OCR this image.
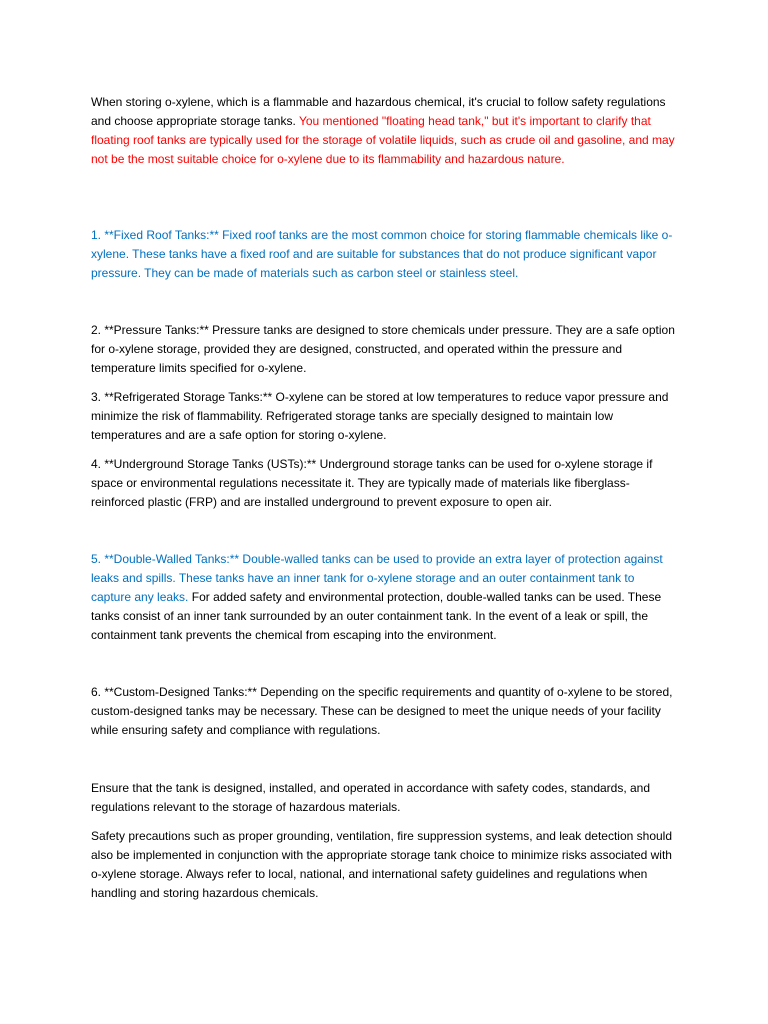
When storing o-xylene, which is a flammable and hazardous chemical, it's crucial to follow safety regulations and choose appropriate storage tanks. You mentioned "floating head tank," but it's important to clarify that floating roof tanks are typically used for the storage of volatile liquids, such as crude oil and gasoline, and may not be the most suitable choice for o-xylene due to its flammability and hazardous nature.

1. **Fixed Roof Tanks:** Fixed roof tanks are the most common choice for storing flammable chemicals like o-xylene. These tanks have a fixed roof and are suitable for substances that do not produce significant vapor pressure. They can be made of materials such as carbon steel or stainless steel.

2. **Pressure Tanks:** Pressure tanks are designed to store chemicals under pressure. They are a safe option for o-xylene storage, provided they are designed, constructed, and operated within the pressure and temperature limits specified for o-xylene.

3. **Refrigerated Storage Tanks:** O-xylene can be stored at low temperatures to reduce vapor pressure and minimize the risk of flammability. Refrigerated storage tanks are specially designed to maintain low temperatures and are a safe option for storing o-xylene.

4. **Underground Storage Tanks (USTs):** Underground storage tanks can be used for o-xylene storage if space or environmental regulations necessitate it. They are typically made of materials like fiberglass-reinforced plastic (FRP) and are installed underground to prevent exposure to open air.

5. **Double-Walled Tanks:** Double-walled tanks can be used to provide an extra layer of protection against leaks and spills. These tanks have an inner tank for o-xylene storage and an outer containment tank to capture any leaks. For added safety and environmental protection, double-walled tanks can be used. These tanks consist of an inner tank surrounded by an outer containment tank. In the event of a leak or spill, the containment tank prevents the chemical from escaping into the environment.

6. **Custom-Designed Tanks:** Depending on the specific requirements and quantity of o-xylene to be stored, custom-designed tanks may be necessary. These can be designed to meet the unique needs of your facility while ensuring safety and compliance with regulations.

Ensure that the tank is designed, installed, and operated in accordance with safety codes, standards, and regulations relevant to the storage of hazardous materials.

Safety precautions such as proper grounding, ventilation, fire suppression systems, and leak detection should also be implemented in conjunction with the appropriate storage tank choice to minimize risks associated with o-xylene storage. Always refer to local, national, and international safety guidelines and regulations when handling and storing hazardous chemicals.
